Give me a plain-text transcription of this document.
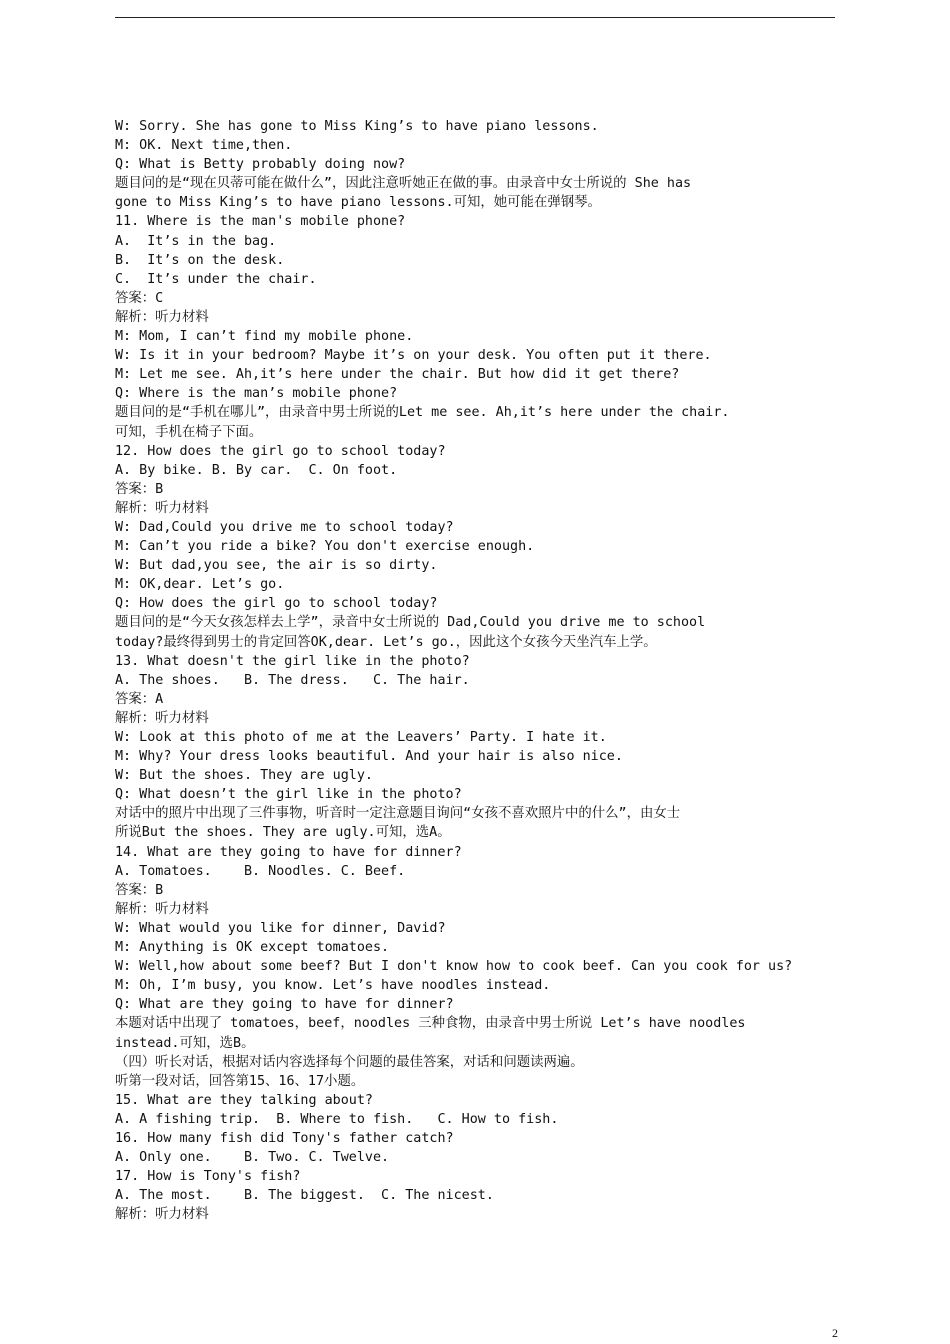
W: Sorry. She has gone to Miss King’s to have piano lessons.
M: OK. Next time,then.
Q: What is Betty probably doing now?
题目问的是“现在贝蒂可能在做什么”，因此注意听她正在做的事。由录音中女士所说的 She has
gone to Miss King’s to have piano lessons.可知，她可能在弹钢琴。
11. Where is the man's mobile phone?
A.  It’s in the bag.
B.  It’s on the desk.
C.  It’s under the chair.
答案：C
解析：听力材料
M: Mom, I can’t find my mobile phone.
W: Is it in your bedroom? Maybe it’s on your desk. You often put it there.
M: Let me see. Ah,it’s here under the chair. But how did it get there?
Q: Where is the man’s mobile phone?
题目问的是“手机在哪儿”，由录音中男士所说的Let me see. Ah,it’s here under the chair.
可知，手机在椅子下面。
12. How does the girl go to school today?
A. By bike. B. By car.  C. On foot.
答案：B
解析：听力材料
W: Dad,Could you drive me to school today?
M: Can’t you ride a bike? You don't exercise enough.
W: But dad,you see, the air is so dirty.
M: OK,dear. Let’s go.
Q: How does the girl go to school today?
题目问的是“今天女孩怎样去上学”，录音中女士所说的 Dad,Could you drive me to school
today?最终得到男士的肯定回答OK,dear. Let’s go.，因此这个女孩今天坐汽车上学。
13. What doesn't the girl like in the photo?
A. The shoes.   B. The dress.   C. The hair.
答案：A
解析：听力材料
W: Look at this photo of me at the Leavers’ Party. I hate it.
M: Why? Your dress looks beautiful. And your hair is also nice.
W: But the shoes. They are ugly.
Q: What doesn’t the girl like in the photo?
对话中的照片中出现了三件事物，听音时一定注意题目询问“女孩不喜欢照片中的什么”，由女士
所说But the shoes. They are ugly.可知，选A。
14. What are they going to have for dinner?
A. Tomatoes.    B. Noodles. C. Beef.
答案：B
解析：听力材料
W: What would you like for dinner, David?
M: Anything is OK except tomatoes.
W: Well,how about some beef? But I don't know how to cook beef. Can you cook for us?
M: Oh, I’m busy, you know. Let’s have noodles instead.
Q: What are they going to have for dinner?
本题对话中出现了 tomatoes，beef，noodles 三种食物，由录音中男士所说 Let’s have noodles
instead.可知，选B。
（四）听长对话，根据对话内容选择每个问题的最佳答案，对话和问题读两遍。
听第一段对话，回答第15、16、17小题。
15. What are they talking about?
A. A fishing trip.  B. Where to fish.   C. How to fish.
16. How many fish did Tony's father catch?
A. Only one.    B. Two. C. Twelve.
17. How is Tony's fish?
A. The most.    B. The biggest.  C. The nicest.
解析：听力材料
2
